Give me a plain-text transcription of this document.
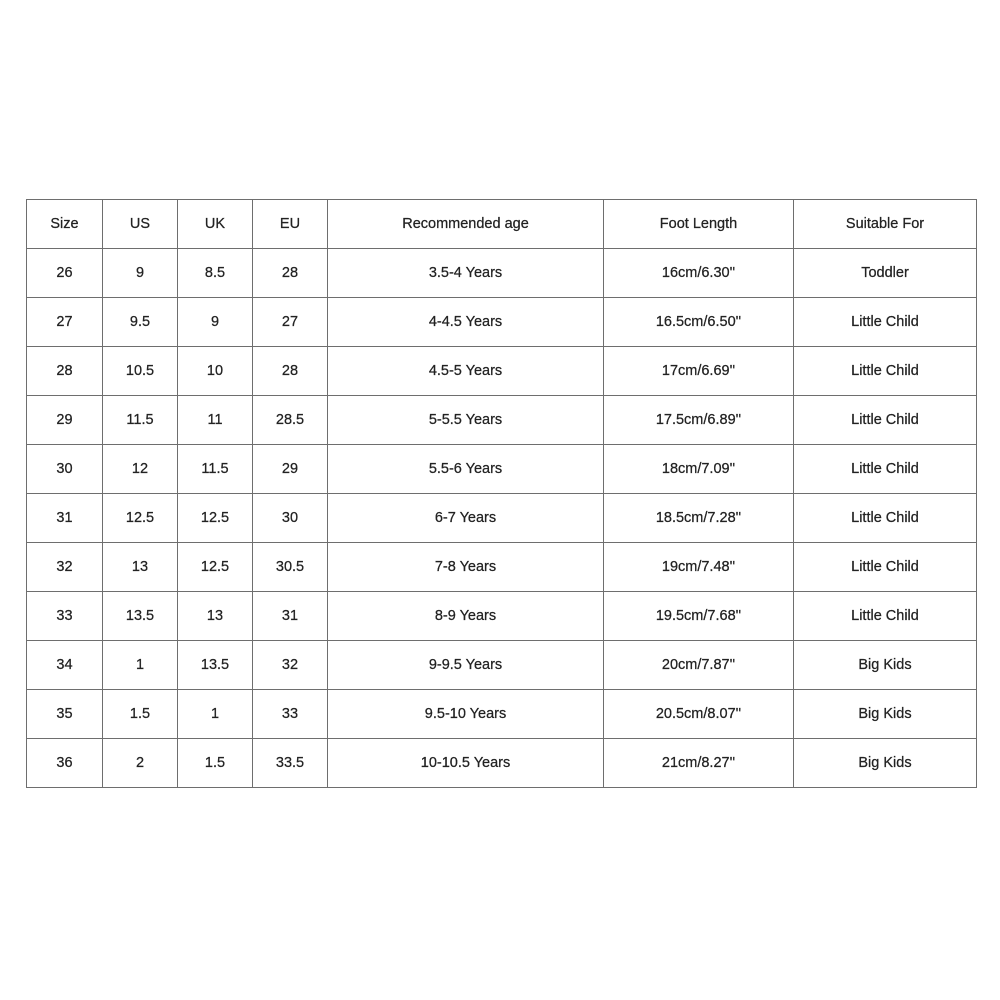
Size	US	UK	EU	Recommended age	Foot Length	Suitable For
26	9	8.5	28	3.5-4 Years	16cm/6.30''	Toddler
27	9.5	9	27	4-4.5 Years	16.5cm/6.50''	Little Child
28	10.5	10	28	4.5-5 Years	17cm/6.69''	Little Child
29	11.5	11	28.5	5-5.5 Years	17.5cm/6.89''	Little Child
30	12	11.5	29	5.5-6 Years	18cm/7.09''	Little Child
31	12.5	12.5	30	6-7 Years	18.5cm/7.28''	Little Child
32	13	12.5	30.5	7-8 Years	19cm/7.48''	Little Child
33	13.5	13	31	8-9 Years	19.5cm/7.68''	Little Child
34	1	13.5	32	9-9.5 Years	20cm/7.87''	Big Kids
35	1.5	1	33	9.5-10 Years	20.5cm/8.07''	Big Kids
36	2	1.5	33.5	10-10.5 Years	21cm/8.27''	Big Kids
